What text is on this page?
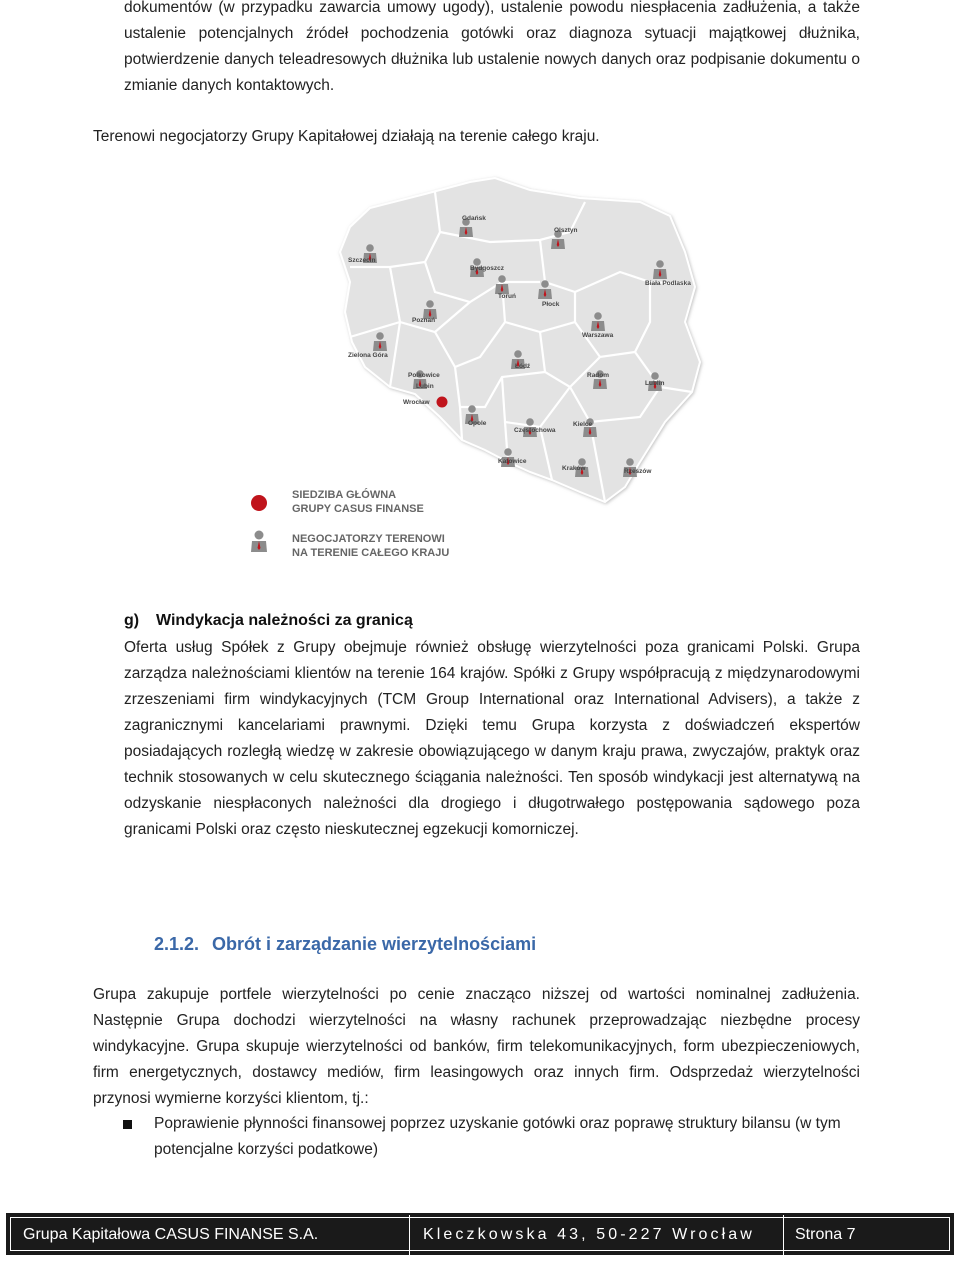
dokumentów (w przypadku zawarcia umowy ugody), ustalenie powodu niespłacenia zadłużenia, a także ustalenie potencjalnych źródeł pochodzenia gotówki oraz diagnoza sytuacji majątkowej dłużnika, potwierdzenie danych teleadresowych dłużnika lub ustalenie nowych danych oraz podpisanie dokumentu o zmianie danych kontaktowych.

Terenowi negocjatorzy Grupy Kapitałowej działają na terenie całego kraju.

Gdańsk
Olsztyn
Szczecin
Bydgoszcz
Toruń
Biała Podlaska
Płock
Poznań
Warszawa
Zielona Góra
Łódź
Radom
Lublin
Polkowice
Lubin
Wrocław
Opole
Częstochowa
Kielce
Katowice
Kraków	Rzeszów
SIEDZIBA GŁÓWNA
GRUPY CASUS FINANSE
NEGOCJATORZY TERENOWI
NA TERENIE CAŁEGO KRAJU
g) Windykacja należności za granicą

Oferta usług Spółek z Grupy obejmuje również obsługę wierzytelności poza granicami Polski. Grupa zarządza należnościami klientów na terenie 164 krajów. Spółki z Grupy współpracują z międzynarodowymi zrzeszeniami firm windykacyjnych (TCM Group International oraz International Advisers), a także z zagranicznymi kancelariami prawnymi. Dzięki temu Grupa korzysta z doświadczeń ekspertów posiadających rozległą wiedzę w zakresie obowiązującego w danym kraju prawa, zwyczajów, praktyk oraz technik stosowanych w celu skutecznego ściągania należności. Ten sposób windykacji jest alternatywą na odzyskanie niespłaconych należności dla drogiego i długotrwałego postępowania sądowego poza granicami Polski oraz często nieskutecznej egzekucji komorniczej.

2.1.2. Obrót i zarządzanie wierzytelnościami

Grupa zakupuje portfele wierzytelności po cenie znacząco niższej od wartości nominalnej zadłużenia. Następnie Grupa dochodzi wierzytelności na własny rachunek przeprowadzając niezbędne procesy windykacyjne. Grupa skupuje wierzytelności od banków, firm telekomunikacyjnych, form ubezpieczeniowych, firm energetycznych, dostawcy mediów, firm leasingowych oraz innych firm. Odsprzedaż wierzytelności przynosi wymierne korzyści klientom, tj.:

Poprawienie płynności finansowej poprzez uzyskanie gotówki oraz poprawę struktury bilansu (w tym potencjalne korzyści podatkowe)
Grupa Kapitałowa CASUS FINANSE S.A.	Kleczkowska 43, 50-227 Wrocław	Strona 7
